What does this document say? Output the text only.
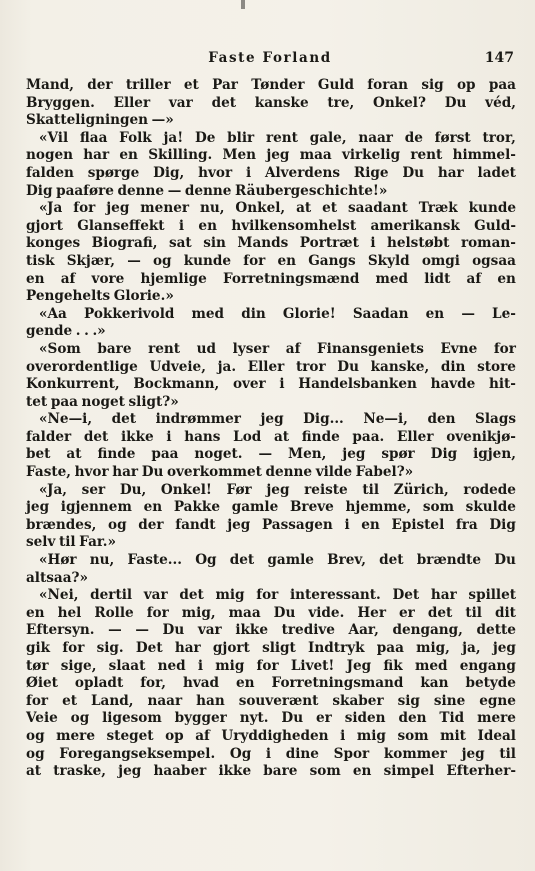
Faste Forland	147
Mand, der triller et Par Tønder Guld foran sig op paa
Bryggen. Eller var det kanske tre, Onkel? Du véd,
Skatteligningen —»
«Vil flaa Folk ja! De blir rent gale, naar de først tror,
nogen har en Skilling. Men jeg maa virkelig rent himmel-
falden spørge Dig, hvor i Alverdens Rige Du har ladet
Dig paaføre denne — denne Räubergeschichte!»
«Ja for jeg mener nu, Onkel, at et saadant Træk kunde
gjort Glanseffekt i en hvilkensomhelst amerikansk Guld-
konges Biografi, sat sin Mands Portræt i helstøbt roman-
tisk Skjær, — og kunde for en Gangs Skyld omgi ogsaa
en af vore hjemlige Forretningsmænd med lidt af en
Pengehelts Glorie.»
«Aa Pokkerivold med din Glorie! Saadan en — Le-
gende . . .»
«Som bare rent ud lyser af Finansgeniets Evne for
overordentlige Udveie, ja. Eller tror Du kanske, din store
Konkurrent, Bockmann, over i Handelsbanken havde hit-
tet paa noget sligt?»
«Ne—i, det indrømmer jeg Dig... Ne—i, den Slags
falder det ikke i hans Lod at finde paa. Eller ovenikjø-
bet at finde paa noget. — Men, jeg spør Dig igjen,
Faste, hvor har Du overkommet denne vilde Fabel?»
«Ja, ser Du, Onkel! Før jeg reiste til Zürich, rodede
jeg igjennem en Pakke gamle Breve hjemme, som skulde
brændes, og der fandt jeg Passagen i en Epistel fra Dig
selv til Far.»
«Hør nu, Faste... Og det gamle Brev, det brændte Du
altsaa?»
«Nei, dertil var det mig for interessant. Det har spillet
en hel Rolle for mig, maa Du vide. Her er det til dit
Eftersyn. — — Du var ikke tredive Aar, dengang, dette
gik for sig. Det har gjort sligt Indtryk paa mig, ja, jeg
tør sige, slaat ned i mig for Livet! Jeg fik med engang
Øiet opladt for, hvad en Forretningsmand kan betyde
for et Land, naar han souverænt skaber sig sine egne
Veie og ligesom bygger nyt. Du er siden den Tid mere
og mere steget op af Uryddigheden i mig som mit Ideal
og Foregangseksempel. Og i dine Spor kommer jeg til
at traske, jeg haaber ikke bare som en simpel Efterher-
